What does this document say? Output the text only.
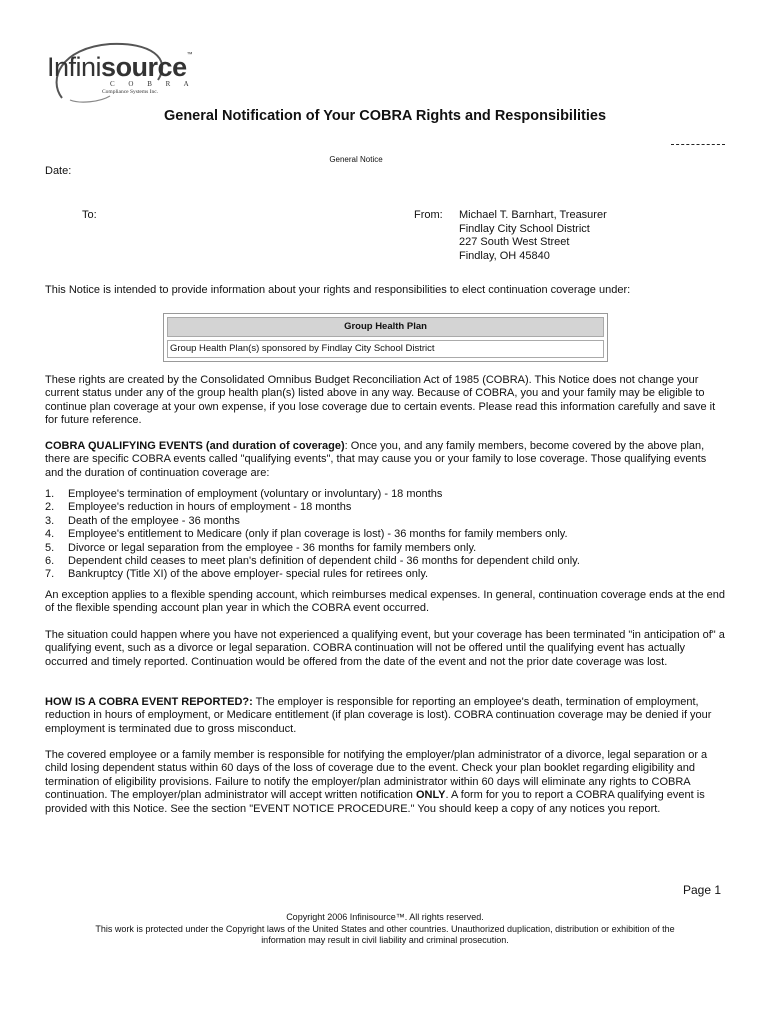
Infinisource™
C O B R A
Compliance Systems Inc.
General Notification of Your COBRA Rights and Responsibilities
General Notice
Date:
To:	From: Michael T. Barnhart, Treasurer
Findlay City School District
227 South West Street
Findlay, OH 45840
This Notice is intended to provide information about your rights and responsibilities to elect continuation coverage under:
Group Health Plan
Group Health Plan(s) sponsored by Findlay City School District
These rights are created by the Consolidated Omnibus Budget Reconciliation Act of 1985 (COBRA). This Notice does not change your current status under any of the group health plan(s) listed above in any way. Because of COBRA, you and your family may be eligible to continue plan coverage at your own expense, if you lose coverage due to certain events. Please read this information carefully and save it for future reference.
COBRA QUALIFYING EVENTS (and duration of coverage): Once you, and any family members, become covered by the above plan, there are specific COBRA events called "qualifying events", that may cause you or your family to lose coverage. Those qualifying events and the duration of continuation coverage are:
1.	Employee's termination of employment (voluntary or involuntary) - 18 months
2.	Employee's reduction in hours of employment - 18 months
3.	Death of the employee - 36 months
4.	Employee's entitlement to Medicare (only if plan coverage is lost) - 36 months for family members only.
5.	Divorce or legal separation from the employee - 36 months for family members only.
6.	Dependent child ceases to meet plan's definition of dependent child - 36 months for dependent child only.
7.	Bankruptcy (Title XI) of the above employer- special rules for retirees only.
An exception applies to a flexible spending account, which reimburses medical expenses. In general, continuation coverage ends at the end of the flexible spending account plan year in which the COBRA event occurred.
The situation could happen where you have not experienced a qualifying event, but your coverage has been terminated "in anticipation of" a qualifying event, such as a divorce or legal separation. COBRA continuation will not be offered until the qualifying event has actually occurred and timely reported. Continuation would be offered from the date of the event and not the prior date coverage was lost.
HOW IS A COBRA EVENT REPORTED?: The employer is responsible for reporting an employee's death, termination of employment, reduction in hours of employment, or Medicare entitlement (if plan coverage is lost). COBRA continuation coverage may be denied if your employment is terminated due to gross misconduct.
The covered employee or a family member is responsible for notifying the employer/plan administrator of a divorce, legal separation or a child losing dependent status within 60 days of the loss of coverage due to the event. Check your plan booklet regarding eligibility and termination of eligibility provisions. Failure to notify the employer/plan administrator within 60 days will eliminate any rights to COBRA continuation. The employer/plan administrator will accept written notification ONLY. A form for you to report a COBRA qualifying event is provided with this Notice. See the section "EVENT NOTICE PROCEDURE." You should keep a copy of any notices you report.
Page 1
Copyright 2006 Infinisource™. All rights reserved.
This work is protected under the Copyright laws of the United States and other countries. Unauthorized duplication, distribution or exhibition of the
information may result in civil liability and criminal prosecution.
